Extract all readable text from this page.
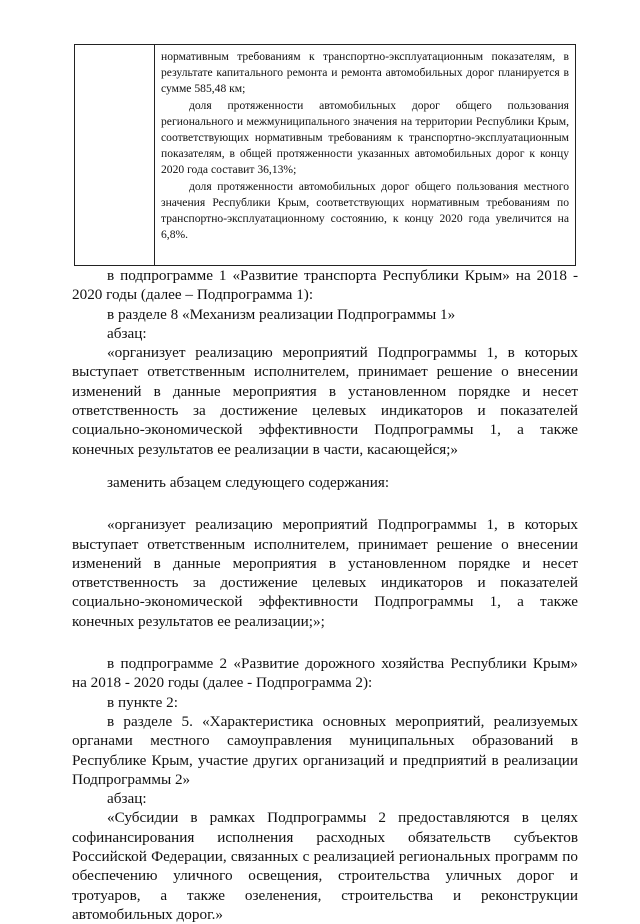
нормативным требованиям к транспортно-эксплуатационным показателям, в результате капитального ремонта и ремонта автомобильных дорог планируется в сумме 585,48 км;

доля протяженности автомобильных дорог общего пользования регионального и межмуниципального значения на территории Республики Крым, соответствующих нормативным требованиям к транспортно-эксплуатационным показателям, в общей протяженности указанных автомобильных дорог к концу 2020 года составит 36,13%;

доля протяженности автомобильных дорог общего пользования местного значения Республики Крым, соответствующих нормативным требованиям по транспортно-эксплуатационному состоянию, к концу 2020 года увеличится на 6,8%.

в подпрограмме 1 «Развитие транспорта Республики Крым» на 2018 - 2020 годы (далее – Подпрограмма 1):

в разделе 8 «Механизм реализации Подпрограммы 1»

абзац:

«организует реализацию мероприятий Подпрограммы 1, в которых выступает ответственным исполнителем, принимает решение о внесении изменений в данные мероприятия в установленном порядке и несет ответственность за достижение целевых индикаторов и показателей социально-экономической эффективности Подпрограммы 1, а также конечных результатов ее реализации в части, касающейся;»

заменить абзацем следующего содержания:

«организует реализацию мероприятий Подпрограммы 1, в которых выступает ответственным исполнителем, принимает решение о внесении изменений в данные мероприятия в установленном порядке и несет ответственность за достижение целевых индикаторов и показателей социально-экономической эффективности Подпрограммы 1, а также конечных результатов ее реализации;»;

в подпрограмме 2 «Развитие дорожного хозяйства Республики Крым» на 2018 - 2020 годы (далее - Подпрограмма 2):

в пункте 2:

в разделе 5. «Характеристика основных мероприятий, реализуемых органами местного самоуправления муниципальных образований в Республике Крым, участие других организаций и предприятий в реализации Подпрограммы 2»

абзац:

«Субсидии в рамках Подпрограммы 2 предоставляются в целях софинансирования исполнения расходных обязательств субъектов Российской Федерации, связанных с реализацией региональных программ по обеспечению уличного освещения, строительства уличных дорог и тротуаров, а также озеленения, строительства и реконструкции автомобильных дорог.»
